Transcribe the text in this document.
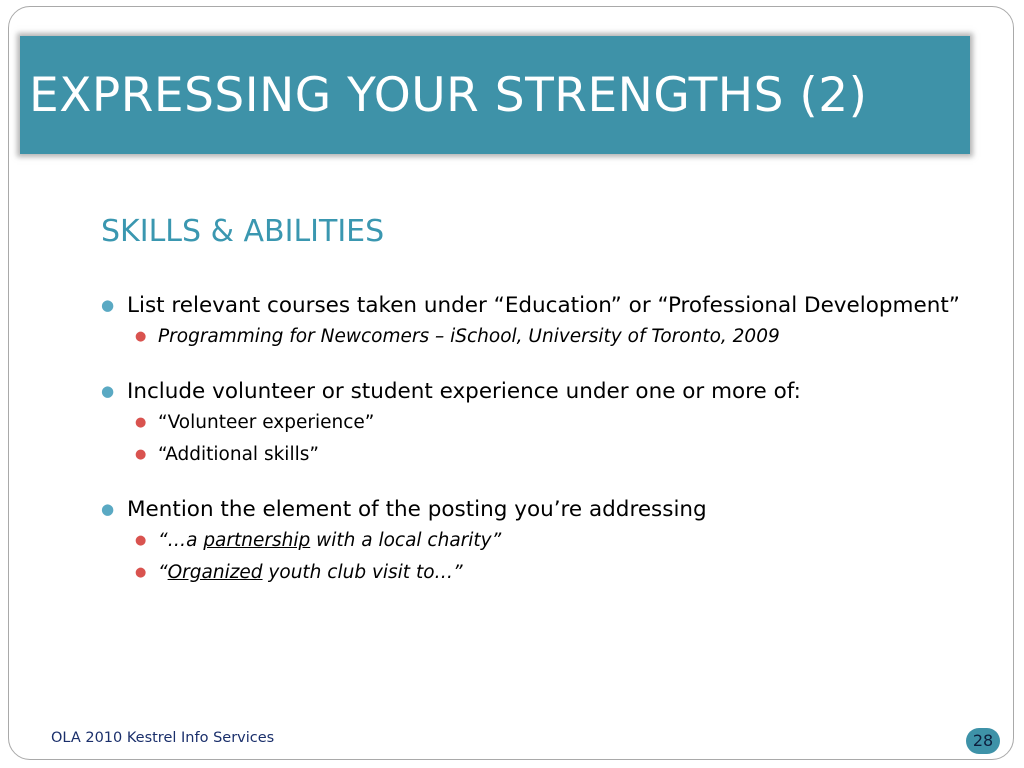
EXPRESSING YOUR STRENGTHS (2)
SKILLS & ABILITIES
● List relevant courses taken under “Education” or “Professional Development”
● Programming for Newcomers – iSchool, University of Toronto, 2009
● Include volunteer or student experience under one or more of:
● “Volunteer experience”
● “Additional skills”
● Mention the element of the posting you’re addressing
● “…a partnership with a local charity”
● “Organized youth club visit to…”
OLA 2010 Kestrel Info Services	28
